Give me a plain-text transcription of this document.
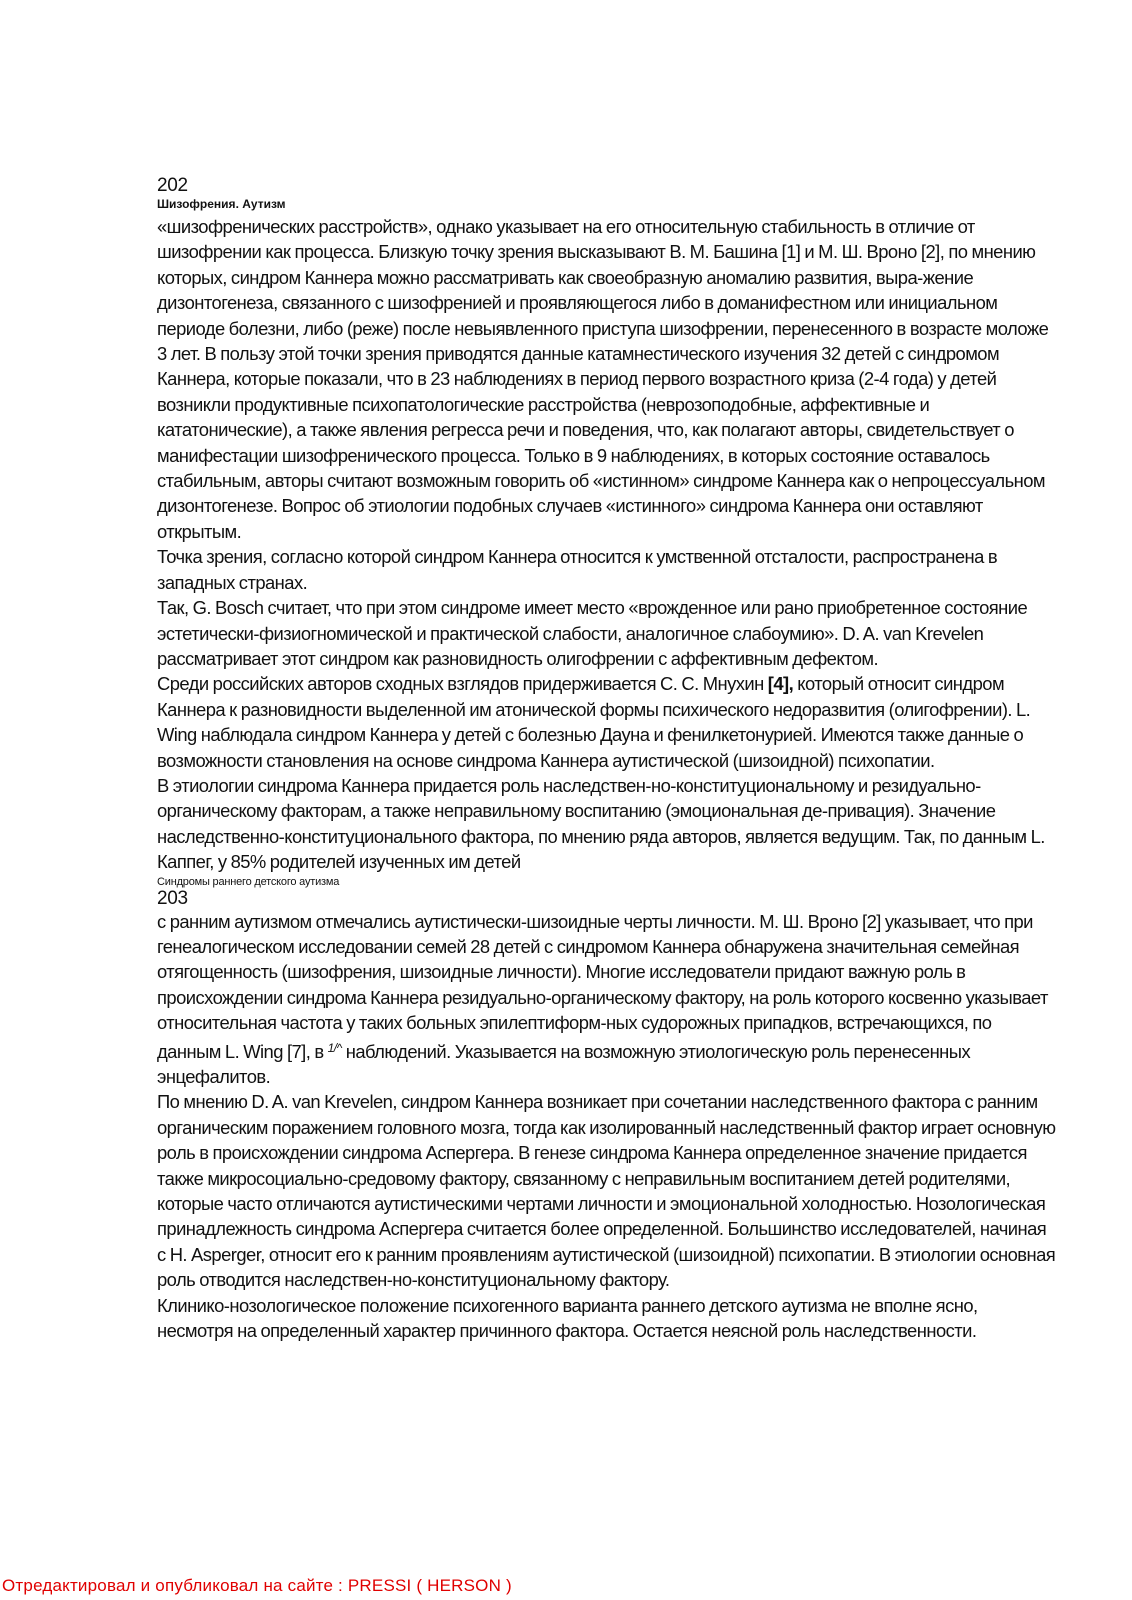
202

Шизофрения. Аутизм

«шизофренических расстройств», однако указывает на его относительную стабильность в отличие от шизофрении как процесса. Близкую точку зрения высказывают В. М. Башина [1] и М. Ш. Вроно [2], по мнению которых, синдром Каннера можно рассматривать как своеобразную аномалию развития, выра-жение дизонтогенеза, связанного с шизофренией и проявляющегося либо в доманифестном или инициальном периоде болезни, либо (реже) после невыявленного приступа шизофрении, перенесенного в возрасте моложе 3 лет. В пользу этой точки зрения приводятся данные катамнестического изучения 32 детей с синдромом Каннера, которые показали, что в 23 наблюдениях в период первого возрастного криза (2-4 года) у детей возникли продуктивные психопатологические расстройства (неврозоподобные, аффективные и кататонические), а также явления регресса речи и поведения, что, как полагают авторы, свидетельствует о манифестации шизофренического процесса. Только в 9 наблюдениях, в которых состояние оставалось стабильным, авторы считают возможным говорить об «истинном» синдроме Каннера как о непроцессуальном дизонтогенезе. Вопрос об этиологии подобных случаев «истинного» синдрома Каннера они оставляют открытым.

Точка зрения, согласно которой синдром Каннера относится к умственной отсталости, распространена в западных странах.

Так, G. Bosch считает, что при этом синдроме имеет место «врожденное или рано приобретенное состояние эстетически-физиогномической и практической слабости, аналогичное слабоумию». D. A. van Krevelen рассматривает этот синдром как разновидность олигофрении с аффективным дефектом.

Среди российских авторов сходных взглядов придерживается С. С. Мнухин [4], который относит синдром Каннера к разновидности выделенной им атонической формы психического недоразвития (олигофрении). L. Wing наблюдала синдром Каннера у детей с болезнью Дауна и фенилкетонурией. Имеются также данные о возможности становления на основе синдрома Каннера аутистической (шизоидной) психопатии.

В этиологии синдрома Каннера придается роль наследствен-но-конституциональному и резидуально-органическому факторам, а также неправильному воспитанию (эмоциональная де-привация). Значение наследственно-конституционального фактора, по мнению ряда авторов, является ведущим. Так, по данным L. Каппег, у 85% родителей изученных им детей

Синдромы раннего детского аутизма

203

с ранним аутизмом отмечались аутистически-шизоидные черты личности. М. Ш. Вроно [2] указывает, что при генеалогическом исследовании семей 28 детей с синдромом Каннера обнаружена значительная семейная отягощенность (шизофрения, шизоидные личности). Многие исследователи придают важную роль в происхождении синдрома Каннера резидуально-органическому фактору, на роль которого косвенно указывает относительная частота у таких больных эпилептиформ-ных судорожных припадков, встречающихся, по данным L. Wing [7], в $^{1/\^{}}$ наблюдений. Указывается на возможную этиологическую роль перенесенных энцефалитов.

По мнению D. A. van Krevelen, синдром Каннера возникает при сочетании наследственного фактора с ранним органическим поражением головного мозга, тогда как изолированный наследственный фактор играет основную роль в происхождении синдрома Аспергера. В генезе синдрома Каннера определенное значение придается также микросоциально-средовому фактору, связанному с неправильным воспитанием детей родителями, которые часто отличаются аутистическими чертами личности и эмоциональной холодностью. Нозологическая принадлежность синдрома Аспергера считается более определенной. Большинство исследователей, начиная с Н. Asperger, относит его к ранним проявлениям аутистической (шизоидной) психопатии. В этиологии основная роль отводится наследствен-но-конституциональному фактору.

Клинико-нозологическое положение психогенного варианта раннего детского аутизма не вполне ясно, несмотря на определенный характер причинного фактора. Остается неясной роль наследственности.

Отредактировал и опубликовал на сайте : PRESSI ( HERSON )
